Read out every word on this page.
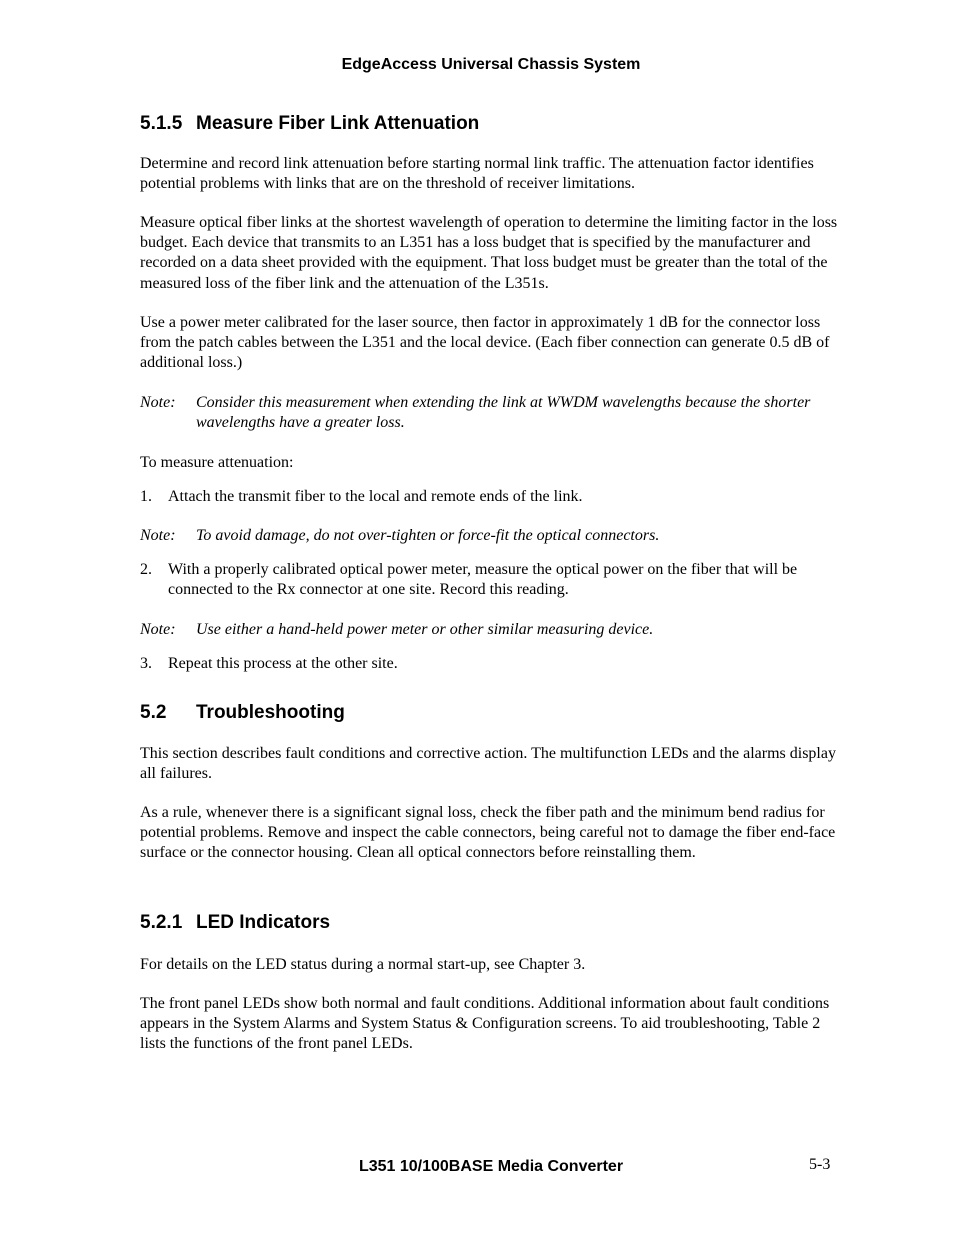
EdgeAccess Universal Chassis System
5.1.5 Measure Fiber Link Attenuation
Determine and record link attenuation before starting normal link traffic. The attenuation factor identifies potential problems with links that are on the threshold of receiver limitations.
Measure optical fiber links at the shortest wavelength of operation to determine the limiting factor in the loss budget. Each device that transmits to an L351 has a loss budget that is specified by the manufacturer and recorded on a data sheet provided with the equipment. That loss budget must be greater than the total of the measured loss of the fiber link and the attenuation of the L351s.
Use a power meter calibrated for the laser source, then factor in approximately 1 dB for the connector loss from the patch cables between the L351 and the local device. (Each fiber connection can generate 0.5 dB of additional loss.)
Note: Consider this measurement when extending the link at WWDM wavelengths because the shorter wavelengths have a greater loss.
To measure attenuation:
1. Attach the transmit fiber to the local and remote ends of the link.
Note: To avoid damage, do not over-tighten or force-fit the optical connectors.
2. With a properly calibrated optical power meter, measure the optical power on the fiber that will be connected to the Rx connector at one site. Record this reading.
Note: Use either a hand-held power meter or other similar measuring device.
3. Repeat this process at the other site.
5.2 Troubleshooting
This section describes fault conditions and corrective action. The multifunction LEDs and the alarms display all failures.
As a rule, whenever there is a significant signal loss, check the fiber path and the minimum bend radius for potential problems. Remove and inspect the cable connectors, being careful not to damage the fiber end-face surface or the connector housing. Clean all optical connectors before reinstalling them.
5.2.1 LED Indicators
For details on the LED status during a normal start-up, see Chapter 3.
The front panel LEDs show both normal and fault conditions. Additional information about fault conditions appears in the System Alarms and System Status & Configuration screens. To aid troubleshooting, Table 2 lists the functions of the front panel LEDs.
L351 10/100BASE Media Converter	5-3
